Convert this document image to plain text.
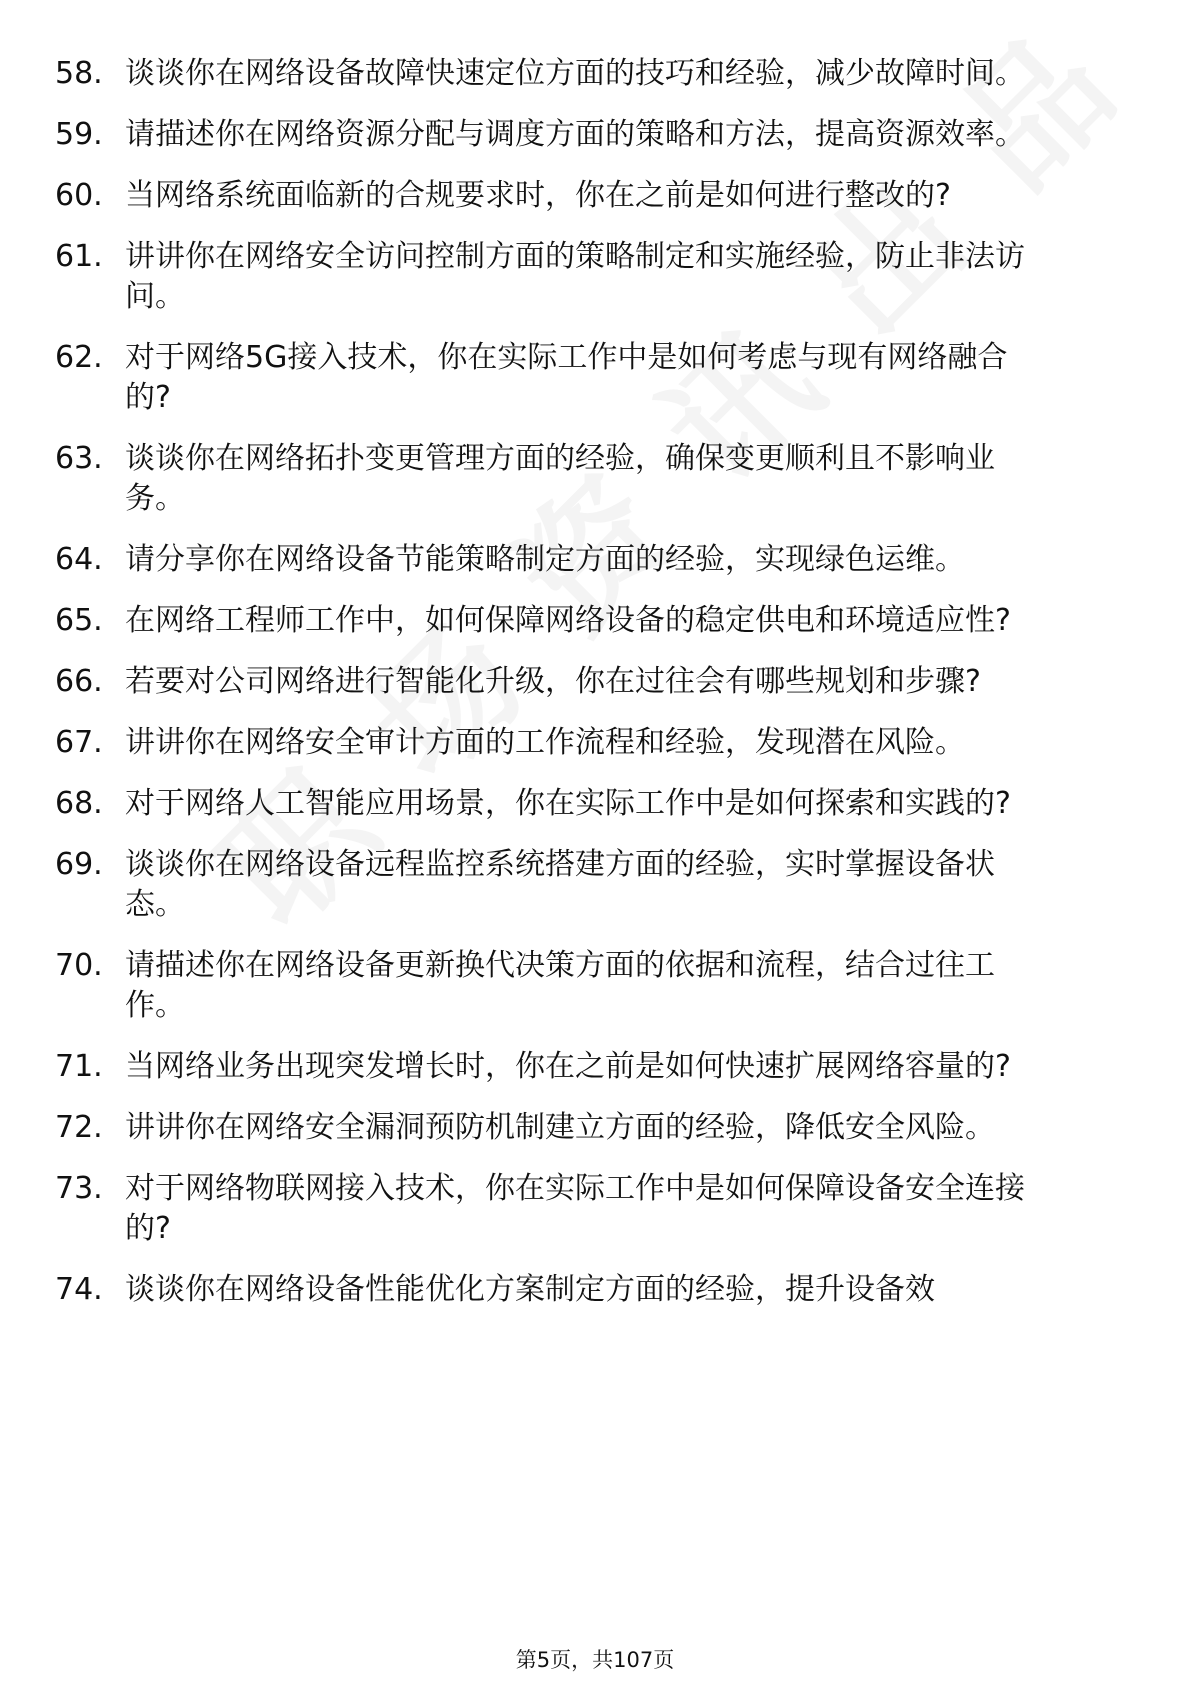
58. 谈谈你在网络设备故障快速定位方面的技巧和经验，减少故障时间。
59. 请描述你在网络资源分配与调度方面的策略和方法，提高资源效率。
60. 当网络系统面临新的合规要求时，你在之前是如何进行整改的?
61. 讲讲你在网络安全访问控制方面的策略制定和实施经验，防止非法访问。
62. 对于网络5G接入技术，你在实际工作中是如何考虑与现有网络融合的?
63. 谈谈你在网络拓扑变更管理方面的经验，确保变更顺利且不影响业务。
64. 请分享你在网络设备节能策略制定方面的经验，实现绿色运维。
65. 在网络工程师工作中，如何保障网络设备的稳定供电和环境适应性?
66. 若要对公司网络进行智能化升级，你在过往会有哪些规划和步骤?
67. 讲讲你在网络安全审计方面的工作流程和经验，发现潜在风险。
68. 对于网络人工智能应用场景，你在实际工作中是如何探索和实践的?
69. 谈谈你在网络设备远程监控系统搭建方面的经验，实时掌握设备状态。
70. 请描述你在网络设备更新换代决策方面的依据和流程，结合过往工作。
71. 当网络业务出现突发增长时，你在之前是如何快速扩展网络容量的?
72. 讲讲你在网络安全漏洞预防机制建立方面的经验，降低安全风险。
73. 对于网络物联网接入技术，你在实际工作中是如何保障设备安全连接的?
74. 谈谈你在网络设备性能优化方案制定方面的经验，提升设备效
第5页，共107页
